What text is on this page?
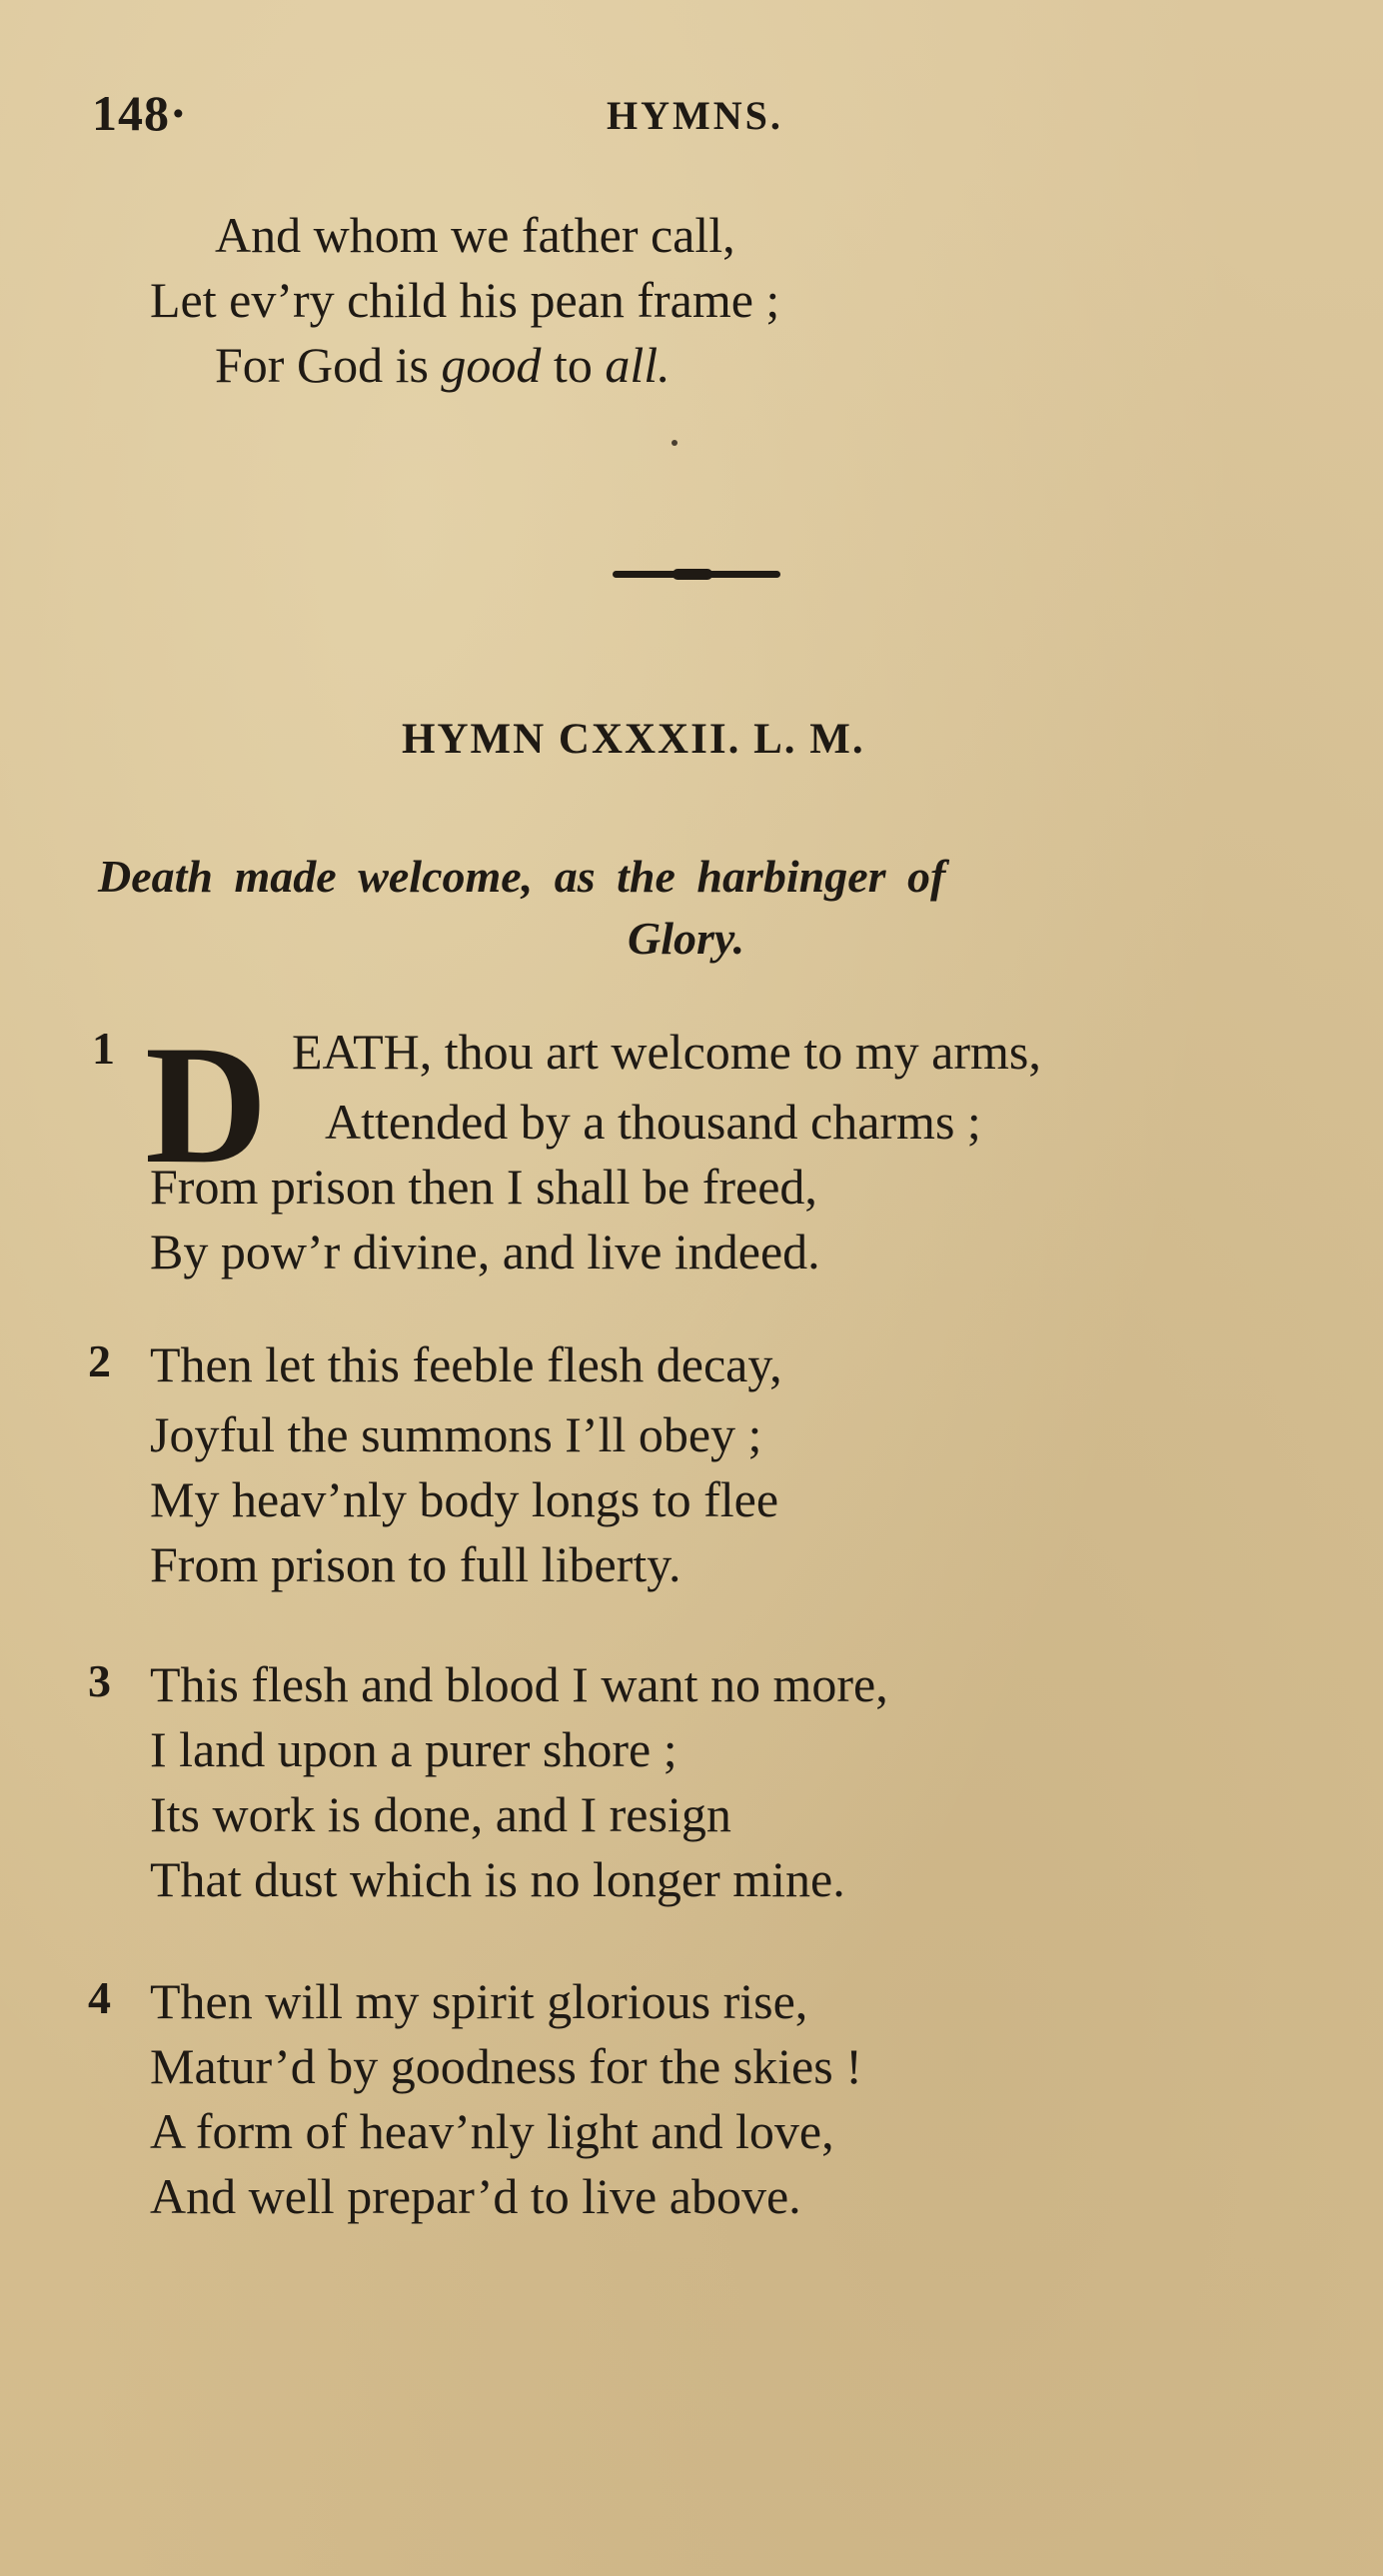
148·	HYMNS.
And whom we father call,
Let ev’ry child his pean frame ;
For God is good to all.
HYMN CXXXII. L. M.
Death made welcome, as the harbinger of
Glory.
1 D EATH, thou art welcome to my arms,
Attended by a thousand charms ;
From prison then I shall be freed,
By pow’r divine, and live indeed.
2 Then let this feeble flesh decay,
Joyful the summons I’ll obey ;
My heav’nly body longs to flee
From prison to full liberty.
3 This flesh and blood I want no more,
I land upon a purer shore ;
Its work is done, and I resign
That dust which is no longer mine.
4 Then will my spirit glorious rise,
Matur’d by goodness for the skies !
A form of heav’nly light and love,
And well prepar’d to live above.
